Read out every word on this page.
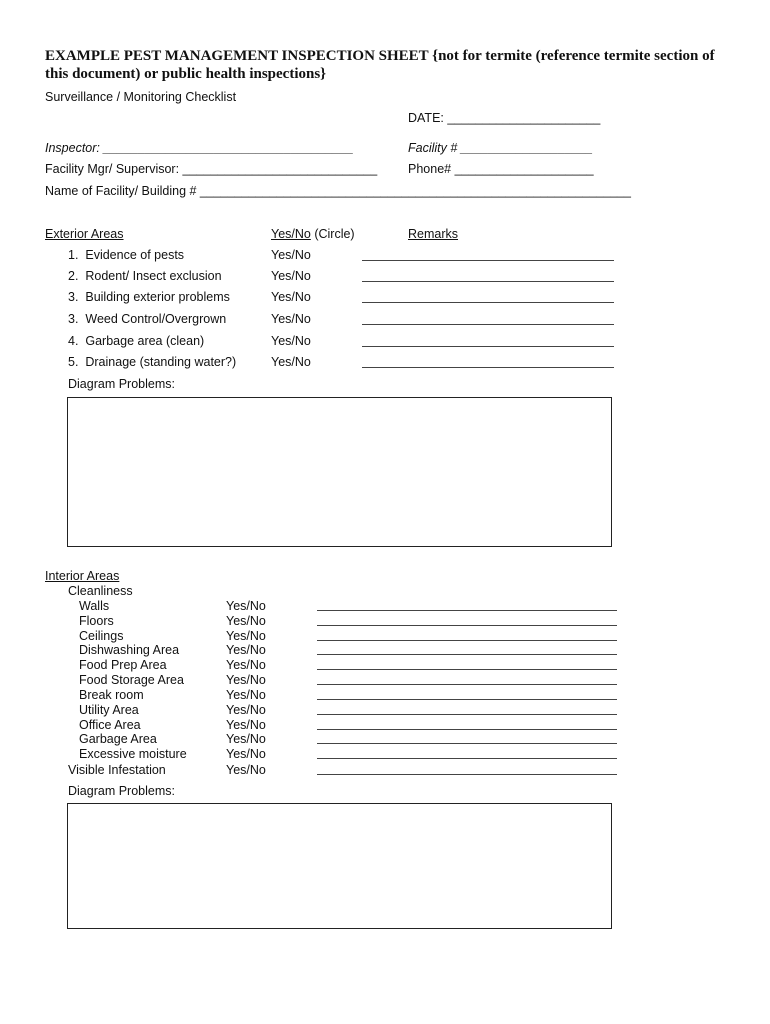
EXAMPLE PEST MANAGEMENT INSPECTION SHEET {not for termite (reference termite section of this document) or public health inspections}
Surveillance / Monitoring Checklist
DATE: ______________________
Inspector: ____________________________________	Facility # ___________________
Facility Mgr/ Supervisor: ____________________________ Phone# ____________________
Name of Facility/ Building # ______________________________________________________________
Exterior Areas	Yes/No (Circle)	Remarks
1.  Evidence of pests	Yes/No
2.  Rodent/ Insect exclusion	Yes/No
3.  Building exterior problems	Yes/No
3.  Weed Control/Overgrown	Yes/No
4.  Garbage area (clean)	Yes/No
5.  Drainage (standing water?)	Yes/No
Diagram Problems:
Interior Areas
Cleanliness
Walls	Yes/No
Floors	Yes/No
Ceilings	Yes/No
Dishwashing Area	Yes/No
Food Prep Area	Yes/No
Food Storage Area	Yes/No
Break room	Yes/No
Utility Area	Yes/No
Office Area	Yes/No
Garbage Area	Yes/No
Excessive moisture	Yes/No
Visible Infestation	Yes/No
Diagram Problems:
